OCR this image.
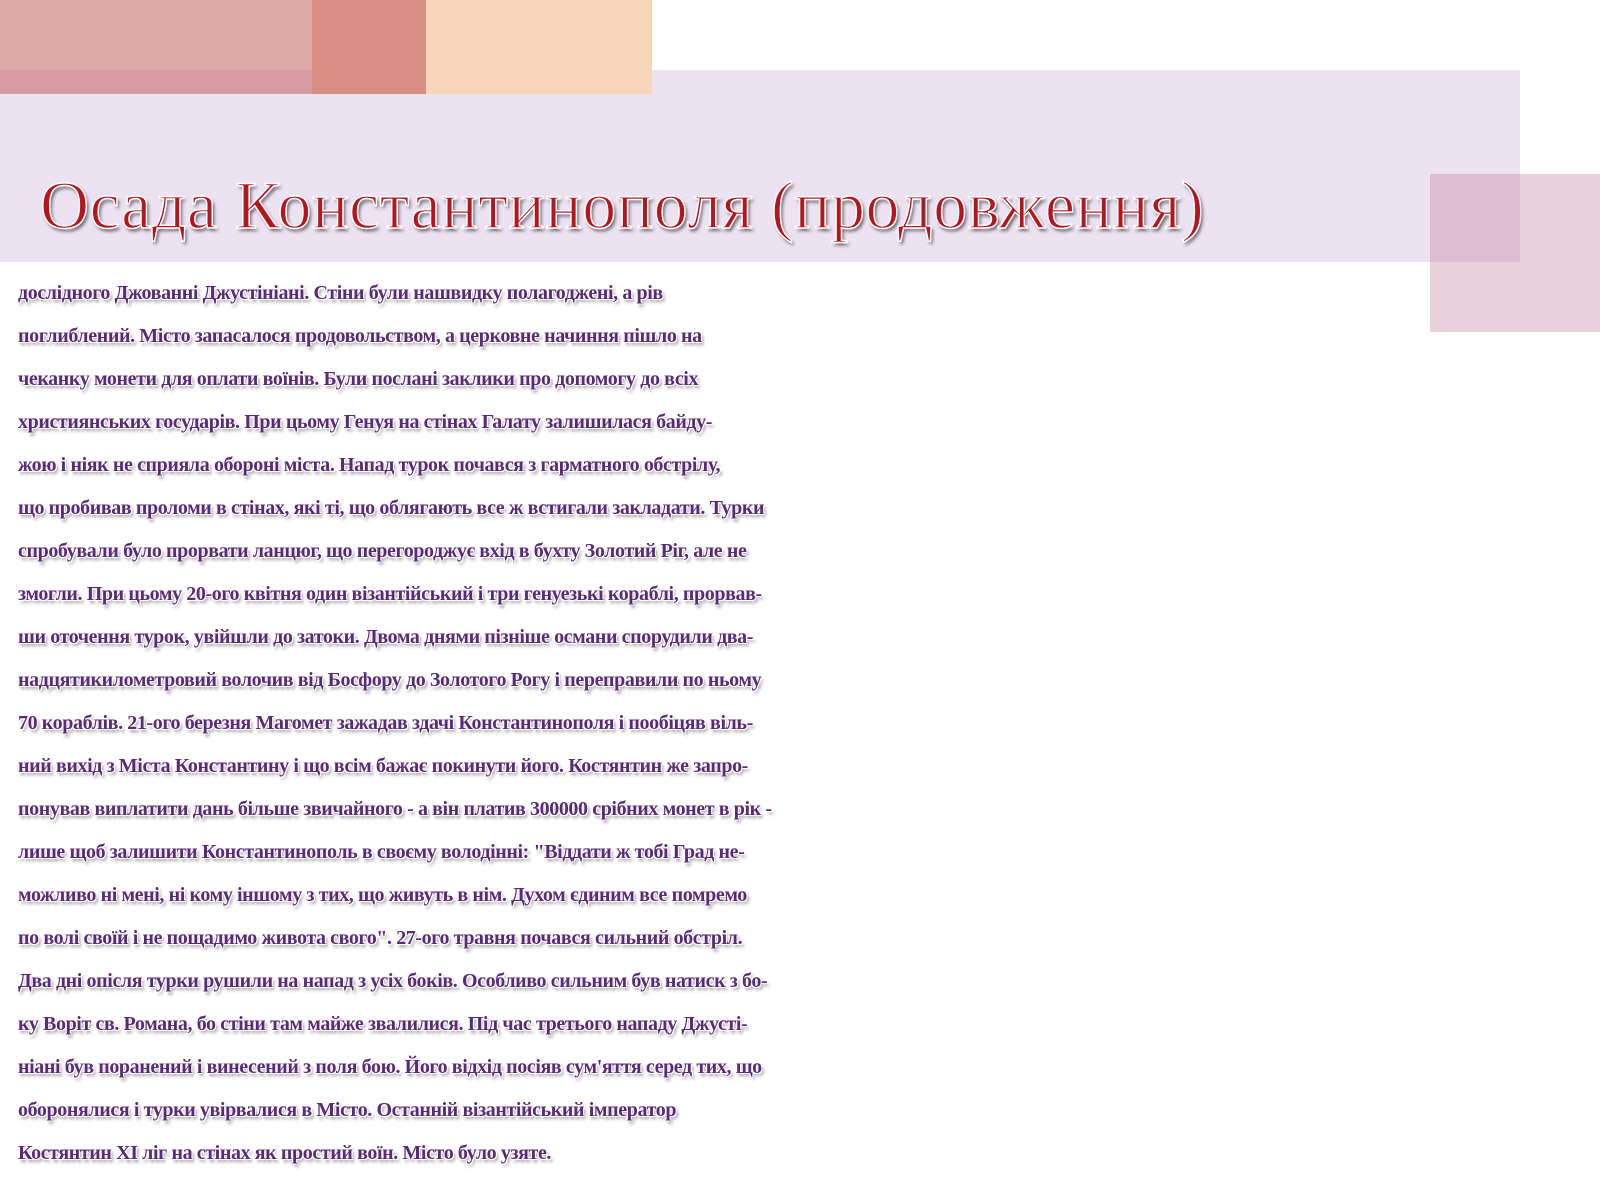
Осада Константинополя (продовження)
дослідного Джованні Джустініані. Стіни були нашвидку полагоджені, а рів
поглиблений. Місто запасалося продовольством, а церковне начиння пішло на
чеканку монети для оплати воїнів. Були послані заклики про допомогу до всіх
християнських государів. При цьому Генуя на стінах Галату залишилася байду-
жою і ніяк не сприяла обороні міста. Напад турок почався з гарматного обстрілу,
що пробивав проломи в стінах, які ті, що облягають все ж встигали закладати. Турки
спробували було прорвати ланцюг, що перегороджує вхід в бухту Золотий Ріг, але не
змогли. При цьому 20-ого квітня один візантійський і три генуезькі кораблі, прорвав-
ши оточення турок, увійшли до затоки. Двома днями пізніше османи спорудили два-
надцятикилометровий волочив від Босфору до Золотого Рогу і переправили по ньому
70 кораблів. 21-ого березня Магомет зажадав здачі Константинополя і пообіцяв віль-
ний вихід з Міста Константину і що всім бажає покинути його. Костянтин же запро-
понував виплатити дань більше звичайного - а він платив 300000 срібних монет в рік -
лише щоб залишити Константинополь в своєму володінні: "Віддати ж тобі Град не-
можливо ні мені, ні кому іншому з тих, що живуть в нім. Духом єдиним все помремо
по волі своїй і не пощадимо живота свого". 27-ого травня почався сильний обстріл.
Два дні опісля турки рушили на напад з усіх боків. Особливо сильним був натиск з бо-
ку Воріт св. Романа, бо стіни там майже звалилися. Під час третього нападу Джусті-
ніані був поранений і винесений з поля бою. Його відхід посіяв сум'яття серед тих, що
оборонялися і турки увірвалися в Місто. Останній візантійський імператор
Костянтин XI ліг на стінах як простий воїн. Місто було узяте.
